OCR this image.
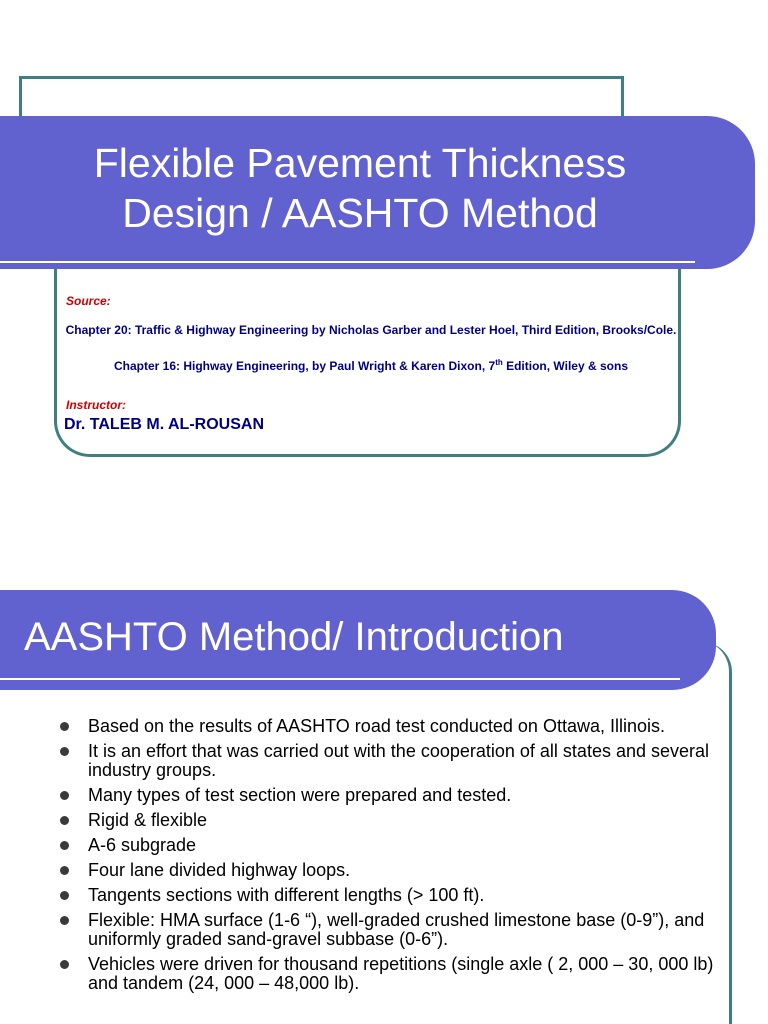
Flexible Pavement Thickness
Design / AASHTO Method
Source:
Chapter 20: Traffic & Highway Engineering by Nicholas Garber and Lester Hoel, Third Edition, Brooks/Cole.
Chapter 16: Highway Engineering, by Paul Wright & Karen Dixon, 7th Edition, Wiley & sons
Instructor:
Dr. TALEB M. AL-ROUSAN
AASHTO Method/ Introduction
Based on the results of AASHTO road test conducted on Ottawa, Illinois.
It is an effort that was carried out with the cooperation of all states and several industry groups.
Many types of test section were prepared and tested.
Rigid & flexible
A-6 subgrade
Four lane divided highway loops.
Tangents sections with different lengths (> 100 ft).
Flexible: HMA surface (1-6 “), well-graded crushed limestone base (0-9”), and uniformly graded sand-gravel subbase (0-6”).
Vehicles were driven for thousand repetitions (single axle ( 2, 000 – 30, 000 lb) and tandem (24, 000 – 48,000 lb).
